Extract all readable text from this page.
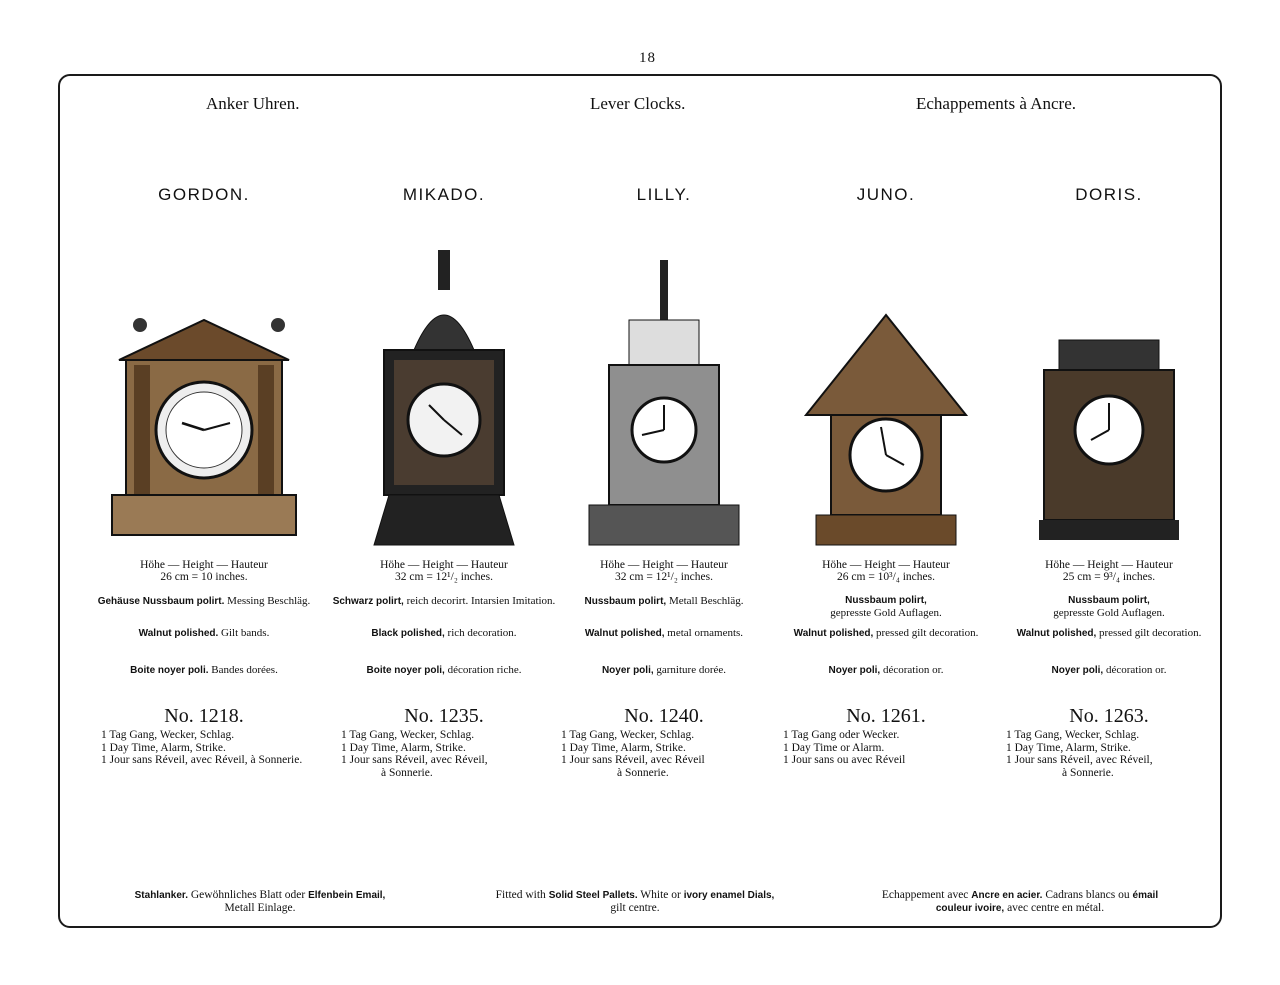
18
Anker Uhren.	Lever Clocks.	Echappements à Ancre.
GORDON.
Höhe — Height — Hauteur
26 cm = 10 inches.
Gehäuse Nussbaum polirt. Messing Beschläg.
Walnut polished. Gilt bands.
Boite noyer poli. Bandes dorées.
No. 1218.
1 Tag Gang, Wecker, Schlag.
1 Day Time, Alarm, Strike.
1 Jour sans Réveil, avec Réveil, à Sonnerie.
MIKADO.
Höhe — Height — Hauteur
32 cm = 12¹/₂ inches.
Schwarz polirt, reich decorirt. Intarsien Imitation.
Black polished, rich decoration.
Boite noyer poli, décoration riche.
No. 1235.
1 Tag Gang, Wecker, Schlag.
1 Day Time, Alarm, Strike.
1 Jour sans Réveil, avec Réveil,
à Sonnerie.
LILLY.
Höhe — Height — Hauteur
32 cm = 12¹/₂ inches.
Nussbaum polirt, Metall Beschläg.
Walnut polished, metal ornaments.
Noyer poli, garniture dorée.
No. 1240.
1 Tag Gang, Wecker, Schlag.
1 Day Time, Alarm, Strike.
1 Jour sans Réveil, avec Réveil
à Sonnerie.
JUNO.
Höhe — Height — Hauteur
26 cm = 10³/₄ inches.
Nussbaum polirt,
gepresste Gold Auflagen.
Walnut polished, pressed gilt decoration.
Noyer poli, décoration or.
No. 1261.
1 Tag Gang oder Wecker.
1 Day Time or Alarm.
1 Jour sans ou avec Réveil
DORIS.
Höhe — Height — Hauteur
25 cm = 9³/₄ inches.
Nussbaum polirt,
gepresste Gold Auflagen.
Walnut polished, pressed gilt decoration.
Noyer poli, décoration or.
No. 1263.
1 Tag Gang, Wecker, Schlag.
1 Day Time, Alarm, Strike.
1 Jour sans Réveil, avec Réveil,
à Sonnerie.
Stahlanker. Gewöhnliches Blatt oder Elfenbein Email,
Metall Einlage.
Fitted with Solid Steel Pallets. White or ivory enamel Dials,
gilt centre.
Echappement avec Ancre en acier. Cadrans blancs ou émail
couleur ivoire, avec centre en métal.
